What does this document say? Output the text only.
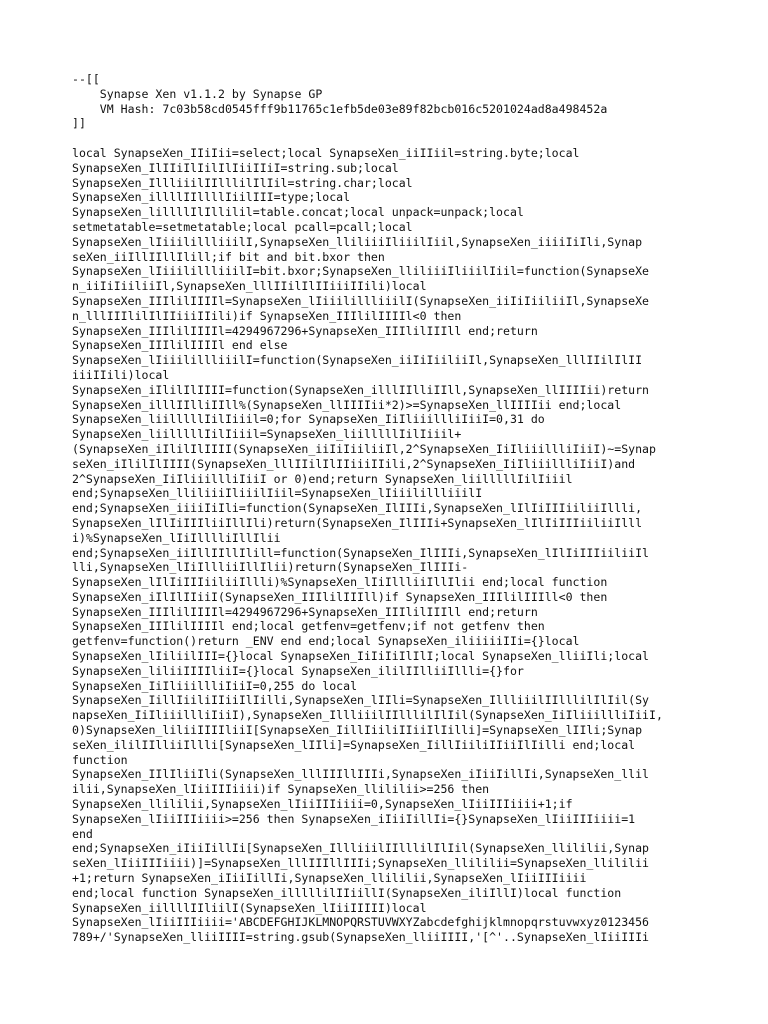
--[[
Synapse Xen v1.1.2 by Synapse GP
VM Hash: 7c03b58cd0545fff9b11765c1efb5de03e89f82bcb016c5201024ad8a498452a
]]
local SynapseXen_IIiIii=select;local SynapseXen_iiIIiil=string.byte;local
SynapseXen_IlIIiIlIilIlIiiIIiI=string.sub;local
SynapseXen_IllliiilIIlllilIlIil=string.char;local
SynapseXen_illllIIllllIiilIII=type;local
SynapseXen_lillllIlIllilil=table.concat;local unpack=unpack;local
setmetatable=setmetatable;local pcall=pcall;local
SynapseXen_lIiiilillliiilI,SynapseXen_lliliiiIliiilIiil,SynapseXen_iiiiIiIli,Synap
seXen_iiIllIIllIlill;if bit and bit.bxor then
SynapseXen_lIiiilillliiilI=bit.bxor;SynapseXen_lliliiiIliiilIiil=function(SynapseXe
n_iiIiIiiliiIl,SynapseXen_lllIIilIlIIiiiIIili)local
SynapseXen_IIIlilIIIIl=SynapseXen_lIiiilillliiilI(SynapseXen_iiIiIiiliiIl,SynapseXe
n_lllIIIlilIlIIiiiIIili)if SynapseXen_IIIlilIIIIl<0 then
SynapseXen_IIIlilIIIIl=4294967296+SynapseXen_IIIlilIIIll end;return
SynapseXen_IIIlilIIIIl end else
SynapseXen_lIiiilillliiilI=function(SynapseXen_iiIiIiiliiIl,SynapseXen_lllIIilIlII
iiiIIili)local
SynapseXen_iIlilIlIIII=function(SynapseXen_illlIIlliIIll,SynapseXen_llIIIIii)return
SynapseXen_illlIIlliIIll%(SynapseXen_llIIIIii*2)>=SynapseXen_llIIIIii end;local
SynapseXen_liilllllIilIiiil=0;for SynapseXen_IiIliiillliIiiI=0,31 do
SynapseXen_liilllllIilIiiil=SynapseXen_liilllllIilIiiil+
(SynapseXen_iIlilIlIIII(SynapseXen_iiIiIiiliiIl,2^SynapseXen_IiIliiillliIiiI)~=Synap
seXen_iIlilIlIIII(SynapseXen_lllIIilIlIIiiiIIili,2^SynapseXen_IiIliiillliIiiI)and
2^SynapseXen_IiIliiillliIiiI or 0)end;return SynapseXen_liilllllIilIiiil
end;SynapseXen_lliliiiIliiilIiil=SynapseXen_lIiiilillliiilI
end;SynapseXen_iiiiIiIli=function(SynapseXen_IlIIIi,SynapseXen_lIlIiIIIiiliiIllli,
SynapseXen_lIlIiIIIliiIllIli)return(SynapseXen_IlIIIi+SynapseXen_lIlIiIIIiiliiIlll
i)%SynapseXen_lIiIlllliIllIlii
end;SynapseXen_iiIllIIllIlill=function(SynapseXen_IlIIIi,SynapseXen_lIlIiIIIiiliiIl
lli,SynapseXen_lIiIllliiIllIlii)return(SynapseXen_IlIIIi-
SynapseXen_lIlIiIIIiiliiIllli)%SynapseXen_lIiIllliiIllIlii end;local function
SynapseXen_iIlIlIIiiI(SynapseXen_IIIlilIIIll)if SynapseXen_IIIlilIIIll<0 then
SynapseXen_IIIlilIIIIl=4294967296+SynapseXen_IIIlilIIIll end;return
SynapseXen_IIIlilIIIIl end;local getfenv=getfenv;if not getfenv then
getfenv=function()return _ENV end end;local SynapseXen_iliiiiiIIi={}local
SynapseXen_lIiliilIII={}local SynapseXen_IiIiIiIlIlI;local SynapseXen_lliiIli;local
SynapseXen_liliiIIIIliiI={}local SynapseXen_ililIIlliiIllli={}for
SynapseXen_IiIliiillliIiiI=0,255 do local
SynapseXen_IillIiiliIIiiIlIilli,SynapseXen_lIIli=SynapseXen_IllliiilIIlllilIlIil(Sy
napseXen_IiIliiillliIiiI),SynapseXen_IllliiilIIlllilIlIil(SynapseXen_IiIliiillliIiiI,
0)SynapseXen_liliiIIIIliiI[SynapseXen_IillIiiliIIiiIlIilli]=SynapseXen_lIIli;Synap
seXen_ililIIlliiIllli[SynapseXen_lIIli]=SynapseXen_IillIiiliIIiiIlIilli end;local
function
SynapseXen_IIlIliiIli(SynapseXen_lllIIIllIIIi,SynapseXen_iIiiIillIi,SynapseXen_llil
ilii,SynapseXen_lIiiIIIiiii)if SynapseXen_llililii>=256 then
SynapseXen_llililii,SynapseXen_lIiiIIIiiii=0,SynapseXen_lIiiIIIiiii+1;if
SynapseXen_lIiiIIIiiii>=256 then SynapseXen_iIiiIillIi={}SynapseXen_lIiiIIIiiii=1
end
end;SynapseXen_iIiiIillIi[SynapseXen_IllliiilIIlllilIlIil(SynapseXen_llililii,Synap
seXen_lIiiIIIiiii)]=SynapseXen_lllIIIllIIIi;SynapseXen_llililii=SynapseXen_llililii
+1;return SynapseXen_iIiiIillIi,SynapseXen_llililii,SynapseXen_lIiiIIIiiii
end;local function SynapseXen_illlllilIIiillI(SynapseXen_iliIllI)local function
SynapseXen_iillllIIliilI(SynapseXen_lIiiIIIII)local
SynapseXen_lIiiIIIiiii='ABCDEFGHIJKLMNOPQRSTUVWXYZabcdefghijklmnopqrstuvwxyz0123456
789+/'SynapseXen_lliiIIII=string.gsub(SynapseXen_lliiIIII,'[^'..SynapseXen_lIiiIIIi
